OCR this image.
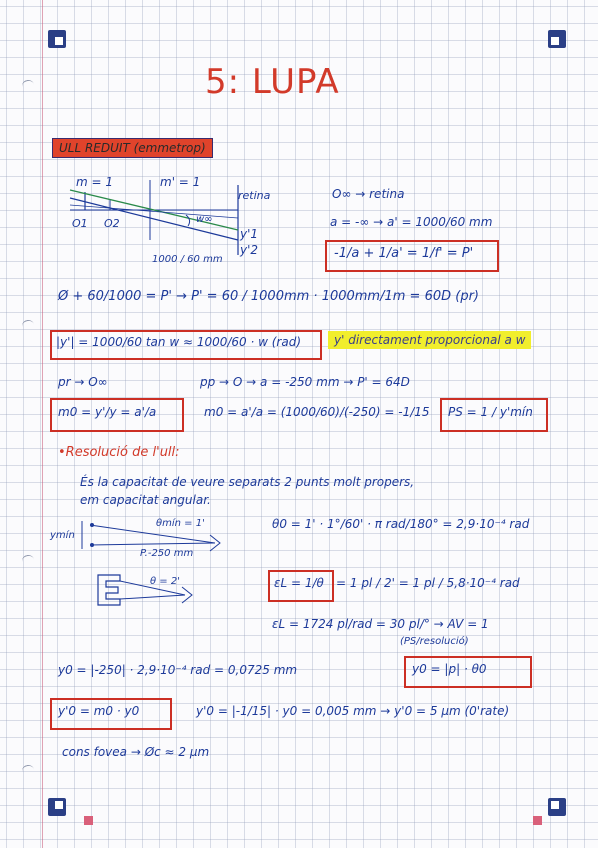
5: LUPA
ULL REDUIT (emmetrop)
m = 1	m' = 1
retina
O1 O2	w∞
y'1
y'2
1000 / 60 mm
O∞ → retina
a = -∞ → a' = 1000/60 mm
-1/a + 1/a' = 1/f' = P'
Ø + 60/1000 = P' → P' = 60 / 1000mm · 1000mm/1m = 60D (pr)
|y'| = 1000/60 tan w ≈ 1000/60 · w (rad)	y' directament proporcional a w
pr → O∞	pp → O → a = -250 mm → P' = 64D
m0 = y'/y = a'/a	m0 = a'/a = (1000/60)/(-250) = -1/15 PS = 1 / y'mín
•Resolució de l'ull:
És la capacitat de veure separats 2 punts molt propers,
em capacitat angular.
ymín
θmín = 1'
P.-250 mm
θ = 2'
θ0 = 1' · 1°/60' · π rad/180° = 2,9·10⁻⁴ rad
εL = 1/θ = 1 pl / 2' = 1 pl / 5,8·10⁻⁴ rad
εL = 1724 pl/rad = 30 pl/° → AV = 1
(PS/resolució)
y0 = |-250| · 2,9·10⁻⁴ rad = 0,0725 mm	y0 = |p| · θ0
y'0 = m0 · y0	y'0 = |-1/15| · y0 = 0,005 mm → y'0 = 5 µm (0'rate)
cons fovea → Øc ≈ 2 µm
